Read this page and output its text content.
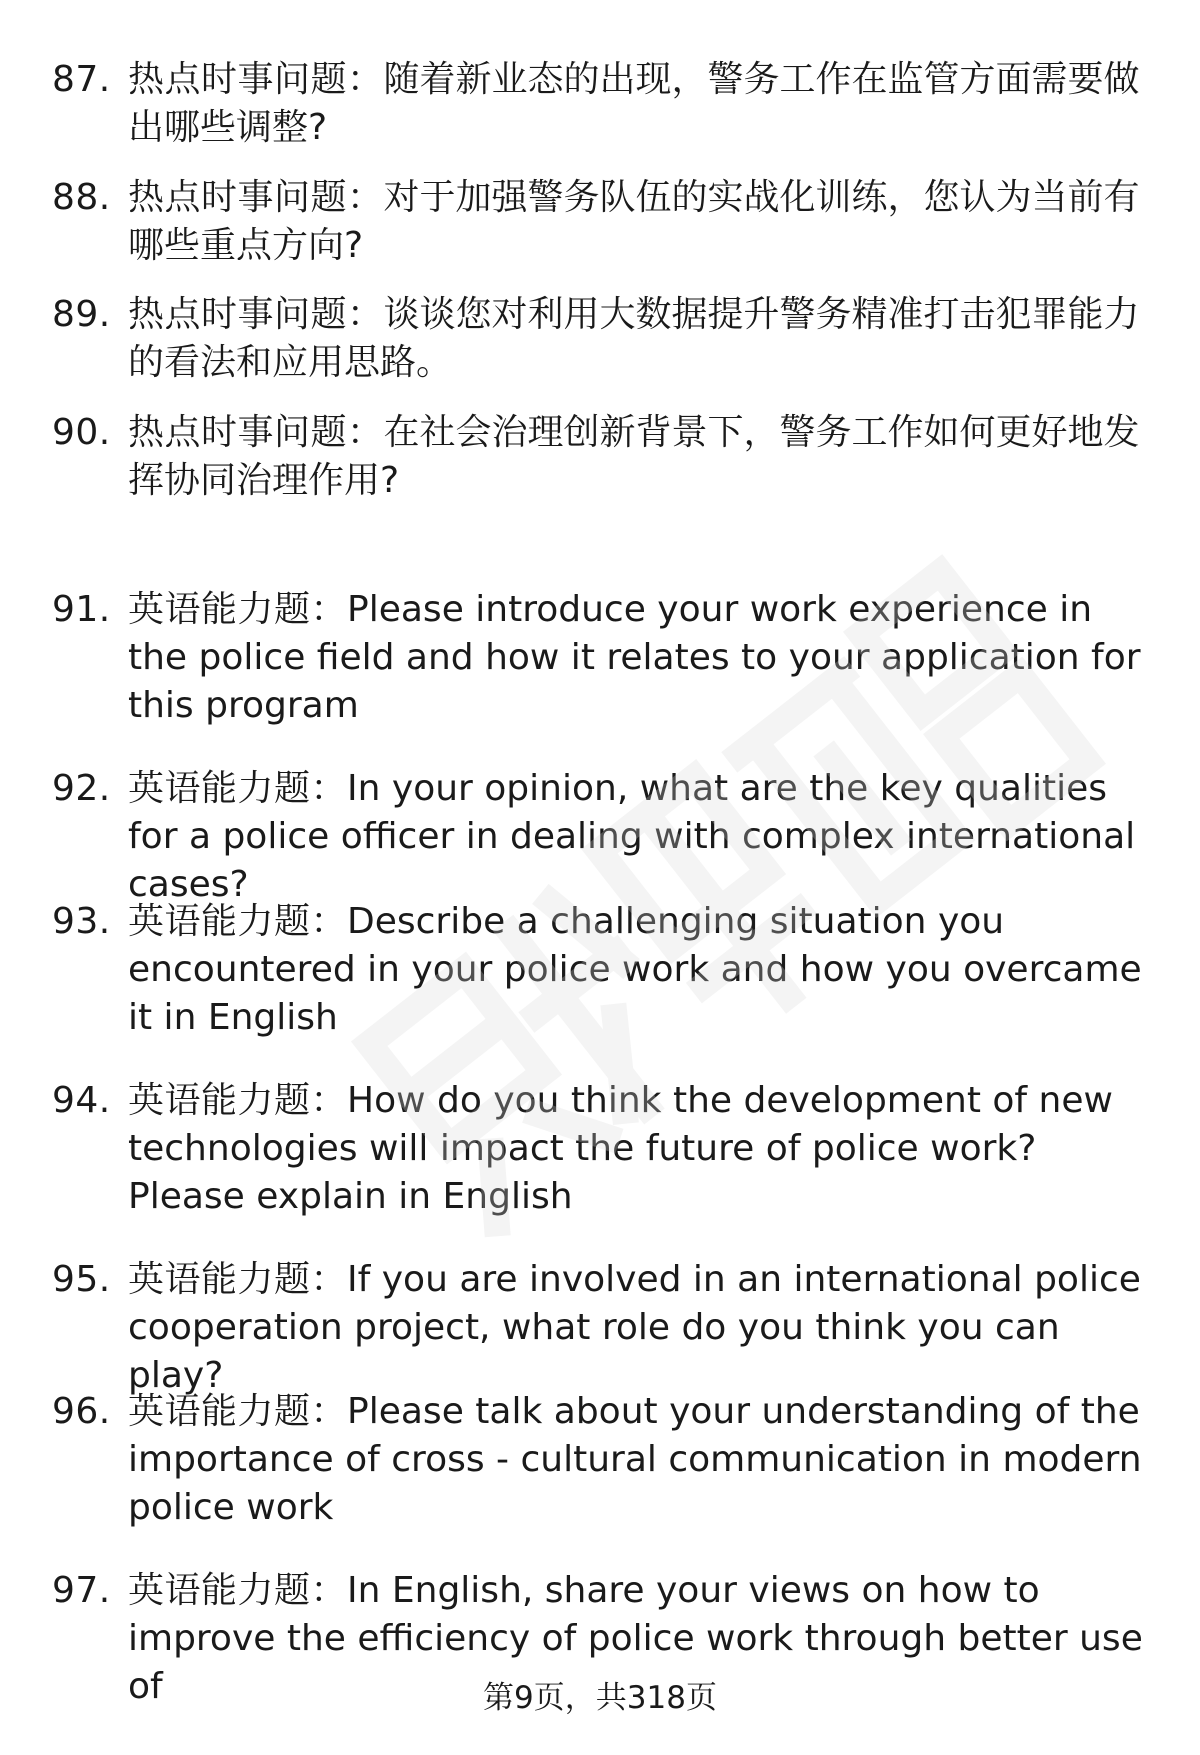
87. 热点时事问题：随着新业态的出现，警务工作在监管方面需要做出哪些调整?
88. 热点时事问题：对于加强警务队伍的实战化训练，您认为当前有哪些重点方向?
89. 热点时事问题：谈谈您对利用大数据提升警务精准打击犯罪能力的看法和应用思路。
90. 热点时事问题：在社会治理创新背景下，警务工作如何更好地发挥协同治理作用?
91. 英语能力题：Please introduce your work experience in the police field and how it relates to your application for this program
92. 英语能力题：In your opinion, what are the key qualities for a police officer in dealing with complex international cases?
93. 英语能力题：Describe a challenging situation you encountered in your police work and how you overcame it in English
94. 英语能力题：How do you think the development of new technologies will impact the future of police work? Please explain in English
95. 英语能力题：If you are involved in an international police cooperation project, what role do you think you can play?
96. 英语能力题：Please talk about your understanding of the importance of cross - cultural communication in modern police work
97. 英语能力题：In English, share your views on how to improve the efficiency of police work through better use of	第9页，共318页
